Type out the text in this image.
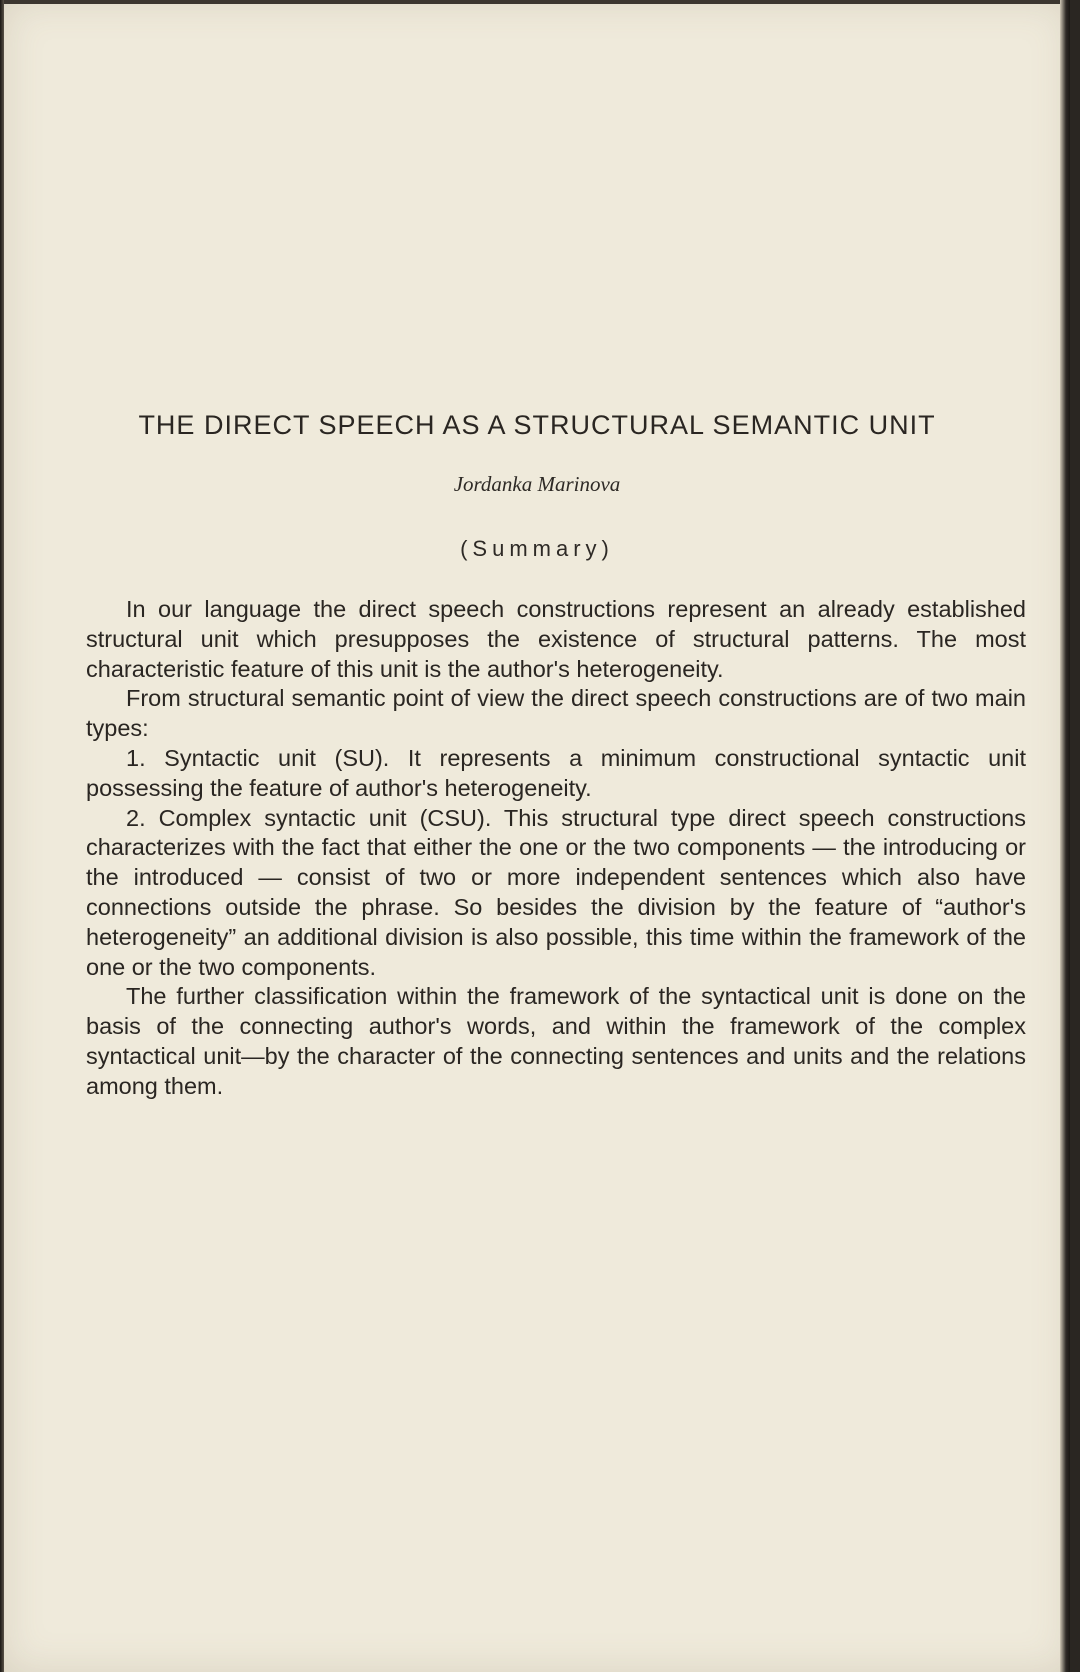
THE DIRECT SPEECH AS A STRUCTURAL SEMANTIC UNIT
Jordanka Marinova
(Summary)

In our language the direct speech constructions represent an already established structural unit which presupposes the existence of structural patterns. The most characteristic feature of this unit is the author's heterogeneity.

From structural semantic point of view the direct speech constructions are of two main types:

1. Syntactic unit (SU). It represents a minimum constructional syntactic unit possessing the feature of author's heterogeneity.

2. Complex syntactic unit (CSU). This structural type direct speech constructions characterizes with the fact that either the one or the two components — the introducing or the introduced — consist of two or more independent sentences which also have connections outside the phrase. So besides the division by the feature of “author's heterogeneity” an additional division is also possible, this time within the framework of the one or the two components.

The further classification within the framework of the syntactical unit is done on the basis of the connecting author's words, and within the framework of the complex syntactical unit—by the character of the connecting sentences and units and the relations among them.
